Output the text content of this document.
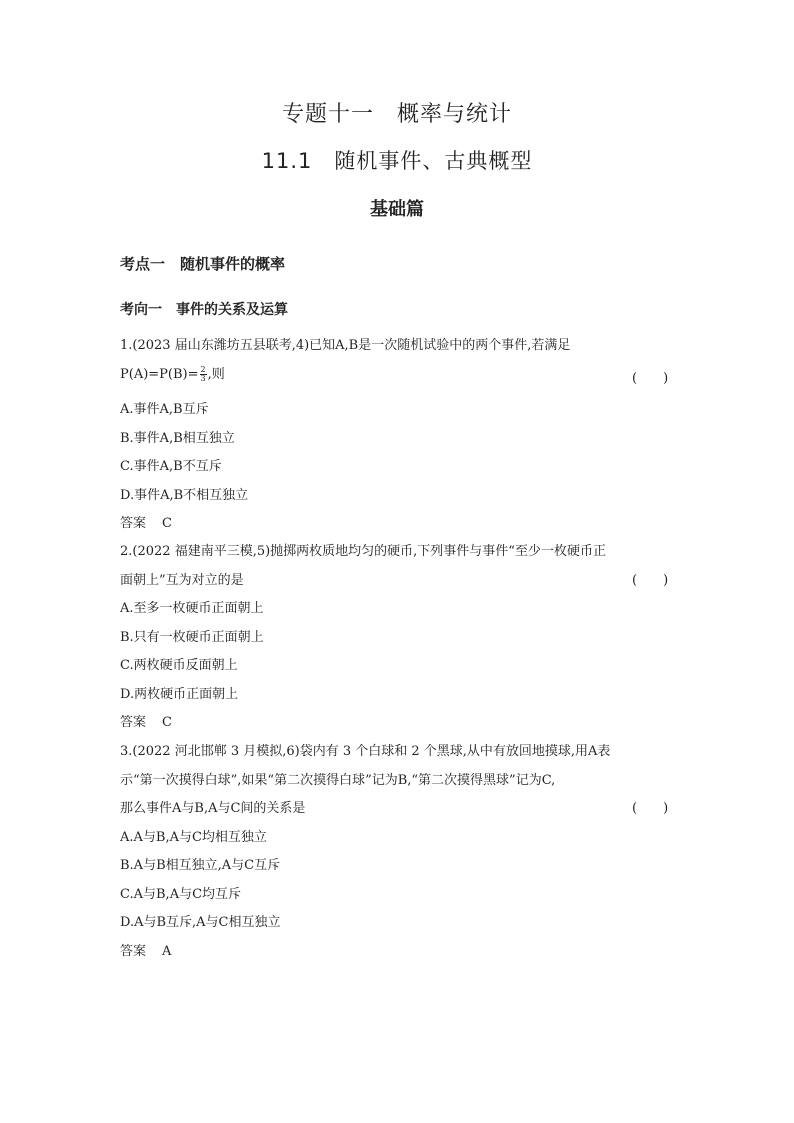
专题十一　概率与统计
11.1　随机事件、古典概型
基础篇
考点一　随机事件的概率
考向一　事件的关系及运算
1.(2023 届山东潍坊五县联考,4)已知A,B是一次随机试验中的两个事件,若满足
$P(A)=P(B)= \frac{2}{3}$ ,则	(　　)
A.事件A,B互斥
B.事件A,B相互独立
C.事件A,B不互斥
D.事件A,B不相互独立
答案 C
2.(2022 福建南平三模,5)抛掷两枚质地均匀的硬币,下列事件与事件“至少一枚硬币正
面朝上”互为对立的是	(　　)
A.至多一枚硬币正面朝上
B.只有一枚硬币正面朝上
C.两枚硬币反面朝上
D.两枚硬币正面朝上
答案 C
3.(2022 河北邯郸 3 月模拟,6)袋内有 3 个白球和 2 个黑球,从中有放回地摸球,用A表
示“第一次摸得白球”,如果“第二次摸得白球”记为B,“第二次摸得黑球”记为C,
那么事件A与B,A与C间的关系是	(　　)
A.A与B,A与C均相互独立
B.A与B相互独立,A与C互斥
C.A与B,A与C均互斥
D.A与B互斥,A与C相互独立
答案 A
